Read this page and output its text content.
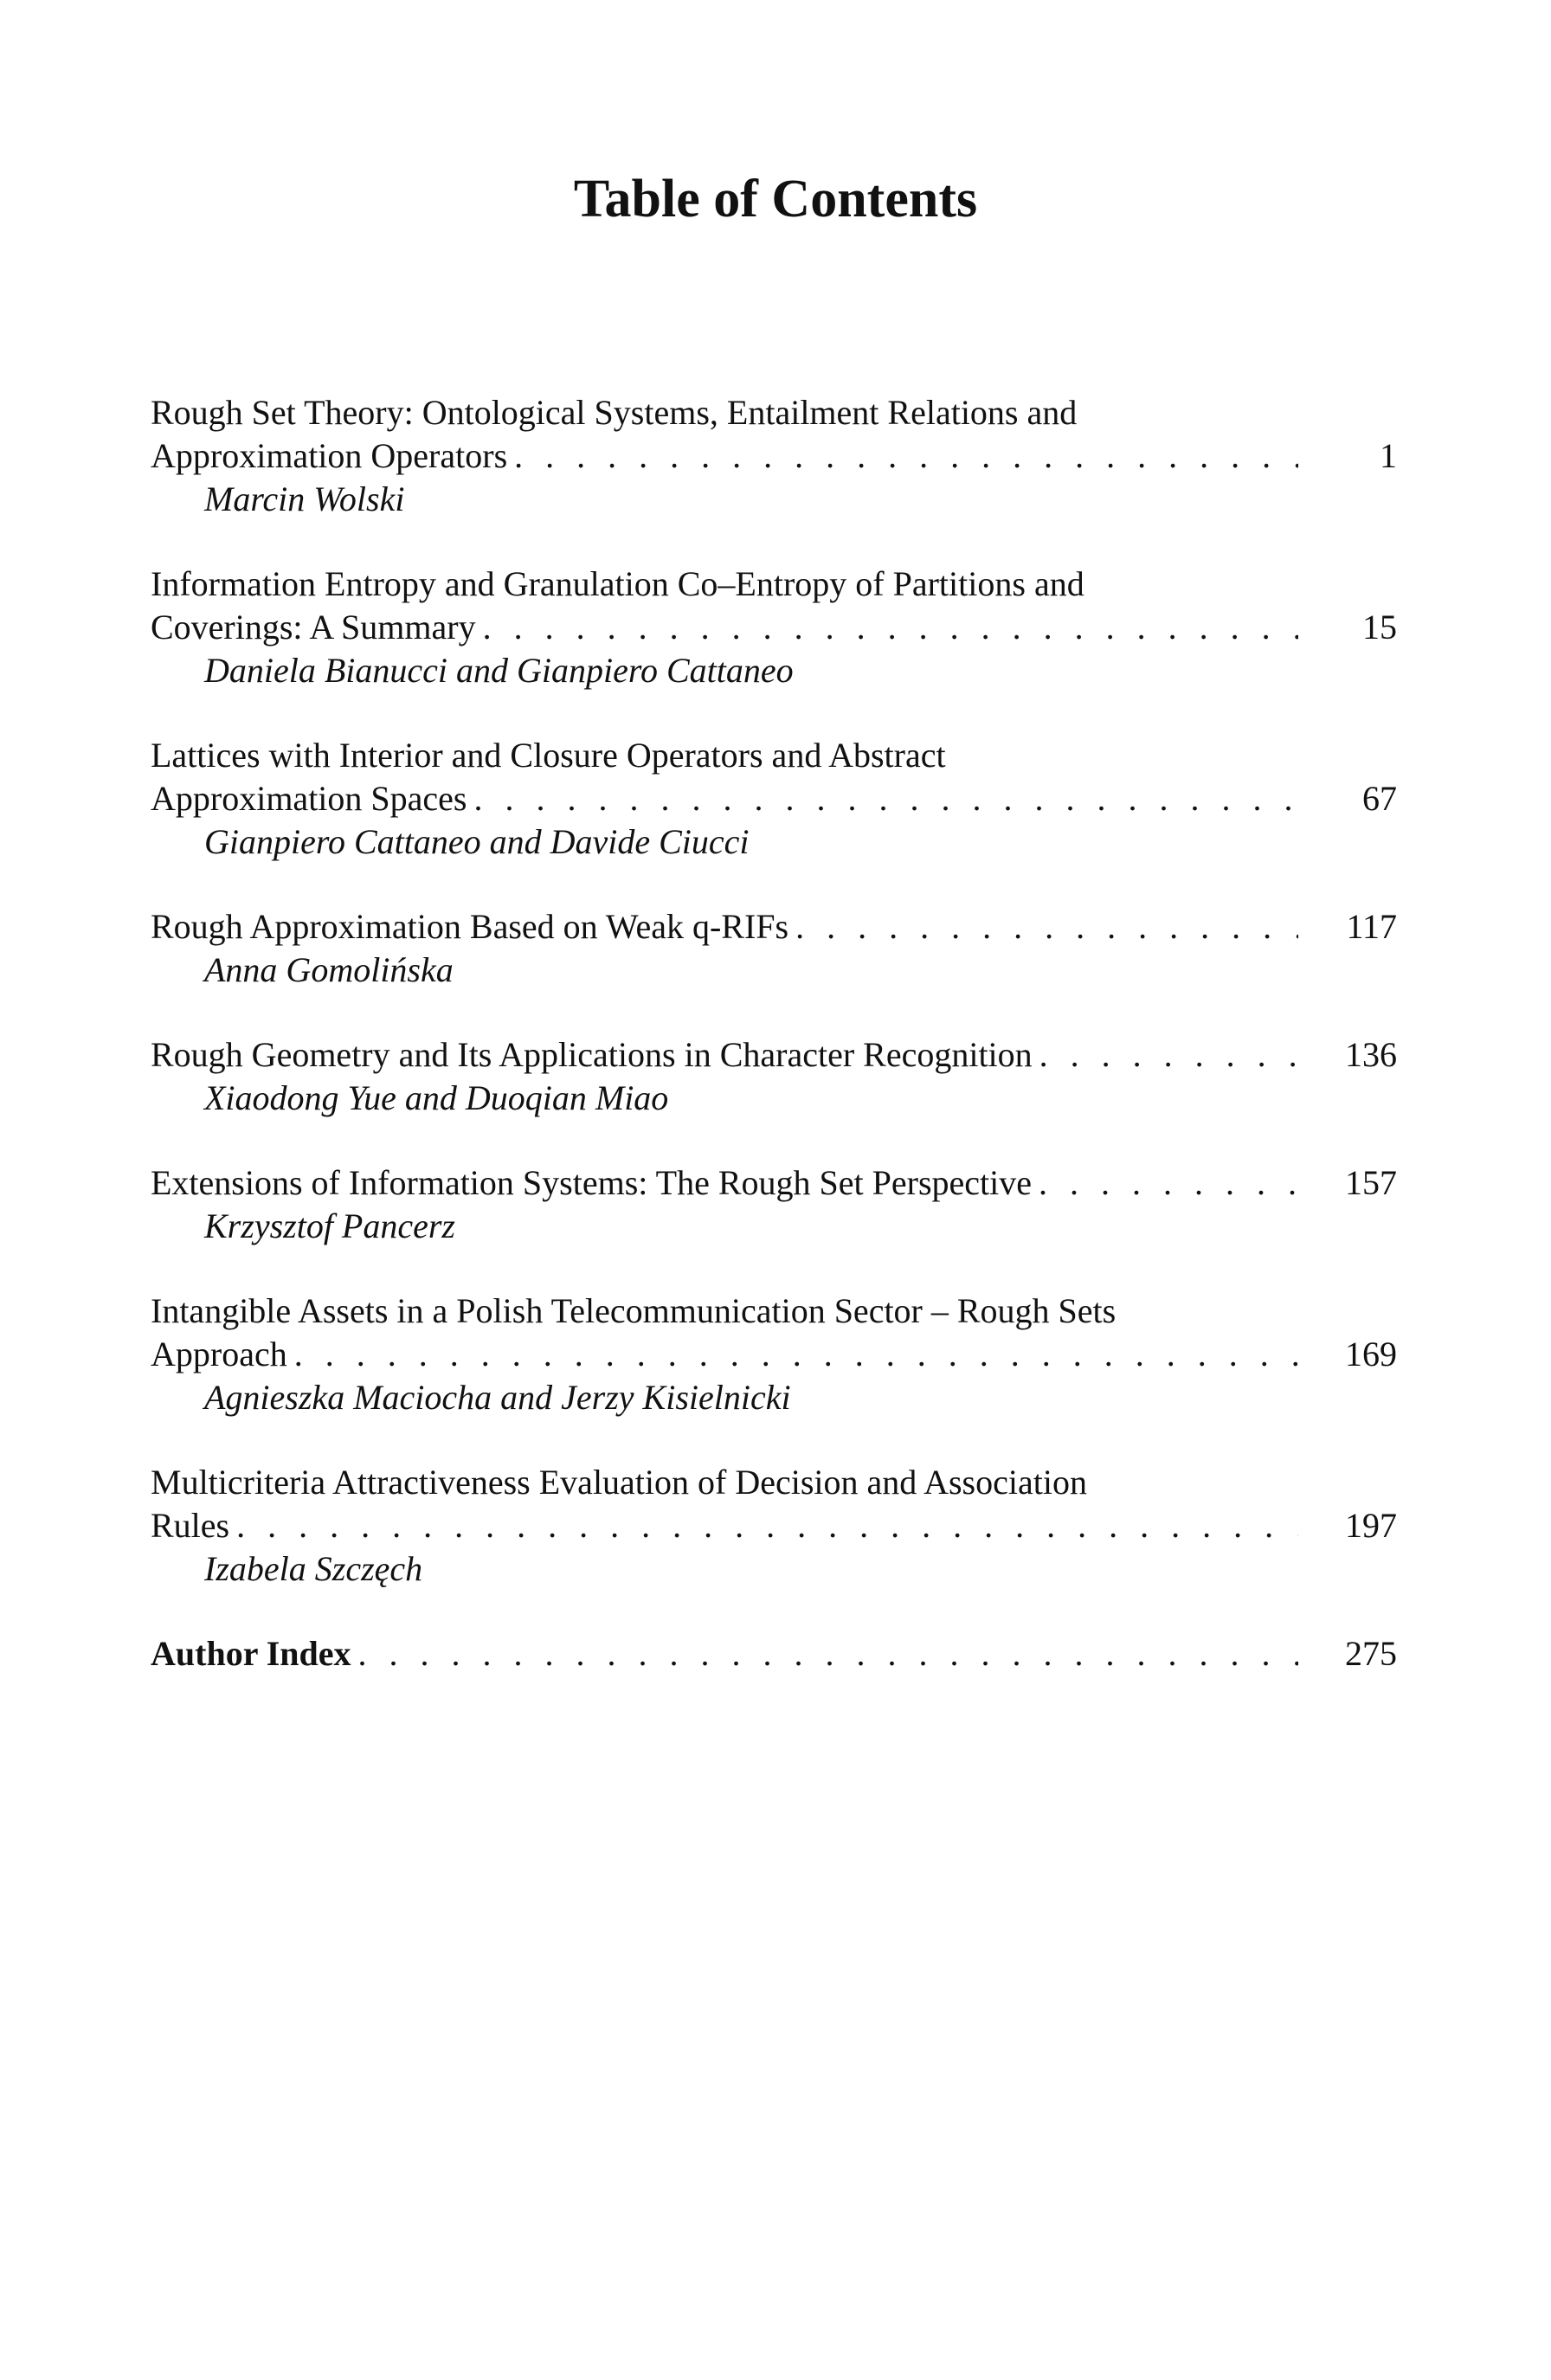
Table of Contents
Rough Set Theory: Ontological Systems, Entailment Relations and
Approximation Operators . . .	1
Marcin Wolski
Information Entropy and Granulation Co–Entropy of Partitions and
Coverings: A Summary . . .	15
Daniela Bianucci and Gianpiero Cattaneo
Lattices with Interior and Closure Operators and Abstract
Approximation Spaces . . .	67
Gianpiero Cattaneo and Davide Ciucci
Rough Approximation Based on Weak q-RIFs . . .	117
Anna Gomolińska
Rough Geometry and Its Applications in Character Recognition . . .	136
Xiaodong Yue and Duoqian Miao
Extensions of Information Systems: The Rough Set Perspective . . .	157
Krzysztof Pancerz
Intangible Assets in a Polish Telecommunication Sector – Rough Sets
Approach . . .	169
Agnieszka Maciocha and Jerzy Kisielnicki
Multicriteria Attractiveness Evaluation of Decision and Association
Rules . . .	197
Izabela Szczęch
Author Index . . .	275
